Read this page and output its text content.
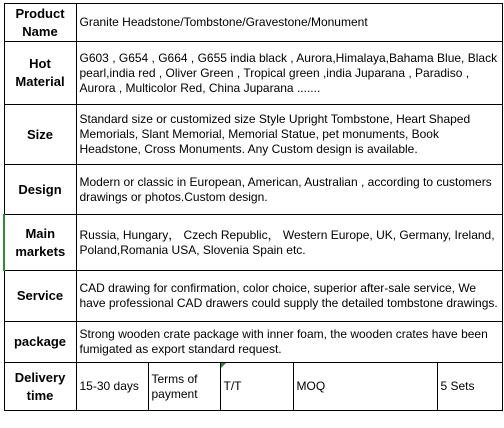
Product Name	Granite Headstone/Tombstone/Gravestone/Monument				
Hot Material	G603 , G654 , G664 , G655 india black , Aurora,Himalaya,Bahama Blue, Black pearl,india red , Oliver Green , Tropical green ,india Juparana , Paradiso , Aurora , Multicolor Red, China Juparana .......				
Size	Standard size or customized size Style Upright Tombstone, Heart Shaped Memorials, Slant Memorial, Memorial Statue, pet monuments, Book Headstone, Cross Monuments. Any Custom design is available.				
Design	Modern or classic in European, American, Australian , according to customers drawings or photos.Custom design.				
Main markets	Russia, Hungary， Czech Republic， Western Europe, UK, Germany, Ireland, Poland,Romania USA, Slovenia Spain etc.				
Service	CAD drawing for confirmation, color choice, superior after-sale service, We have professional CAD drawers could supply the detailed tombstone drawings.				
package	Strong wooden crate package with inner foam, the wooden crates have been fumigated as export standard request.				
Delivery time	15-30 days	Terms of payment	T/T	MOQ	5 Sets
